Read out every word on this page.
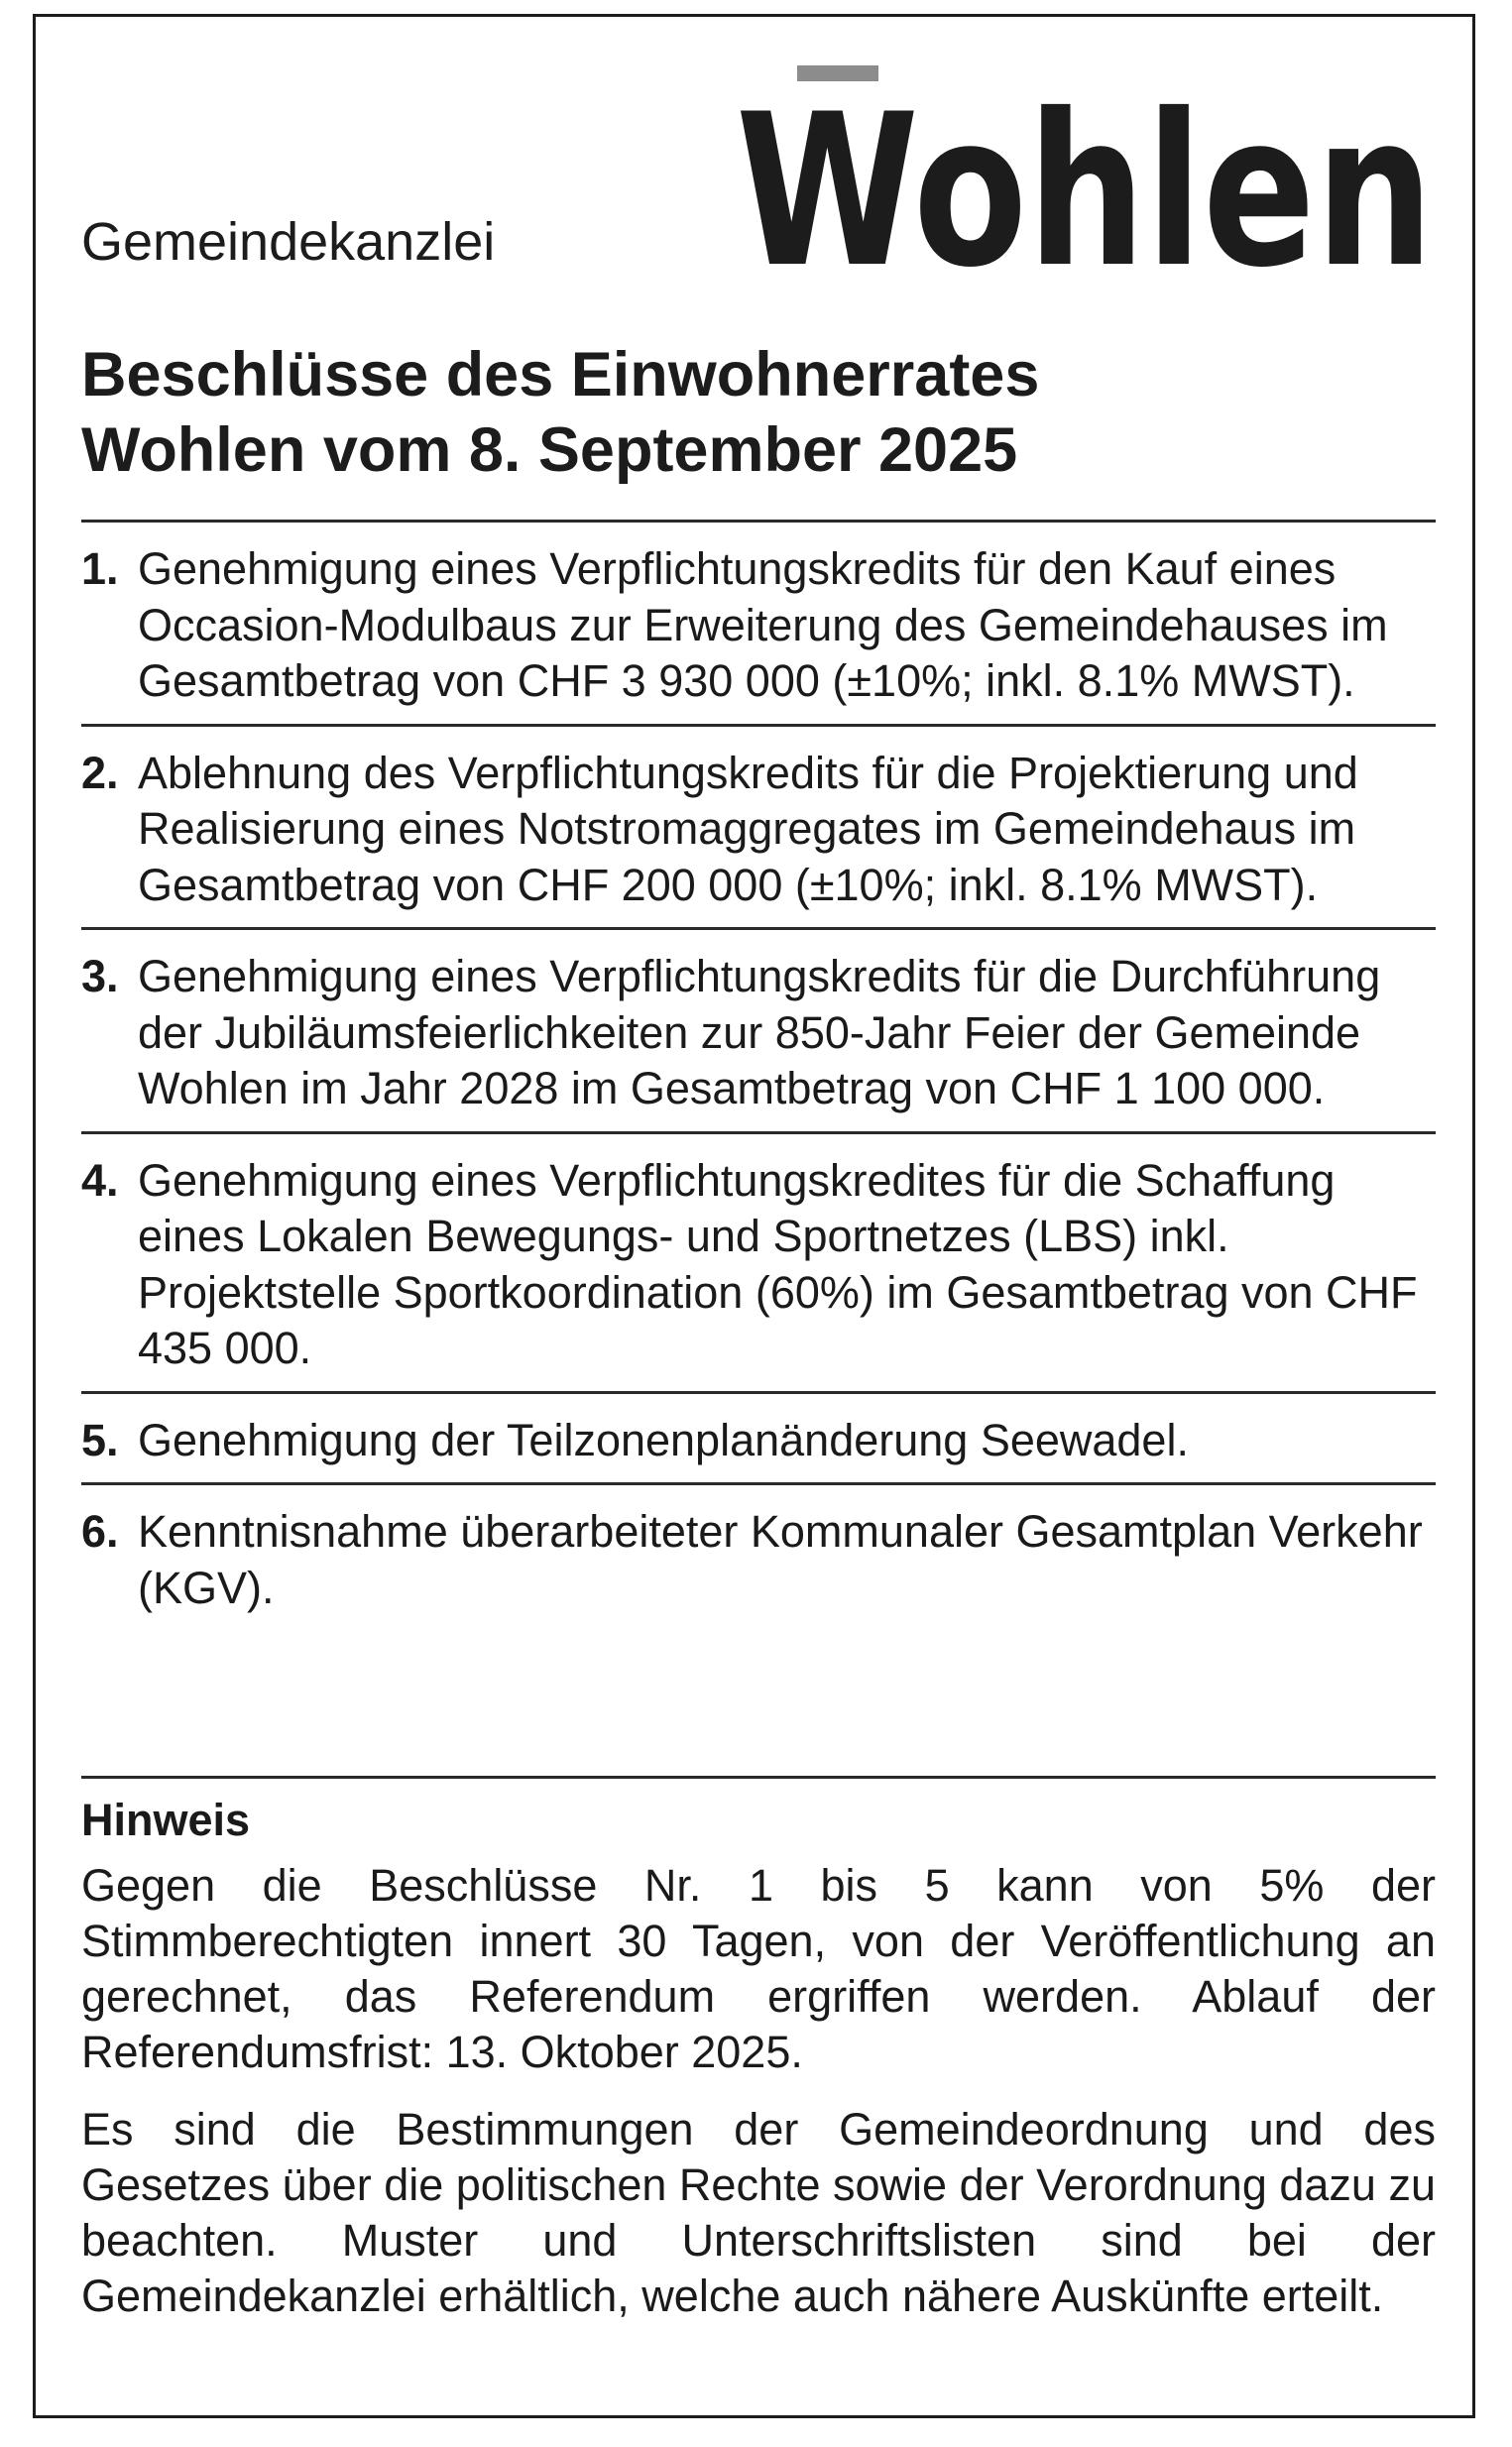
Gemeindekanzlei Wohlen
Beschlüsse des Einwohnerrates
Wohlen vom 8. September 2025
1. Genehmigung eines Verpflichtungskredits für den Kauf eines Occasion-Modulbaus zur Erweiterung des Gemeindehauses im Gesamtbetrag von CHF 3 930 000 (±10%; inkl. 8.1% MWST).
2. Ablehnung des Verpflichtungskredits für die Projektierung und Realisierung eines Notstromaggregates im Gemeindehaus im Gesamtbetrag von CHF 200 000 (±10%; inkl. 8.1% MWST).
3. Genehmigung eines Verpflichtungskredits für die Durchführung der Jubiläumsfeierlichkeiten zur 850-Jahr Feier der Gemeinde Wohlen im Jahr 2028 im Gesamtbetrag von CHF 1 100 000.
4. Genehmigung eines Verpflichtungskredites für die Schaffung eines Lokalen Bewegungs- und Sportnetzes (LBS) inkl. Projektstelle Sportkoordination (60%) im Gesamtbetrag von CHF 435 000.
5. Genehmigung der Teilzonenplanänderung Seewadel.
6. Kenntnisnahme überarbeiteter Kommunaler Gesamtplan Verkehr (KGV).
Hinweis

Gegen die Beschlüsse Nr. 1 bis 5 kann von 5% der Stimmberechtigten innert 30 Tagen, von der Veröffentlichung an gerechnet, das Referendum ergriffen werden. Ablauf der Referendumsfrist: 13. Oktober 2025.

Es sind die Bestimmungen der Gemeindeordnung und des Gesetzes über die politischen Rechte sowie der Verordnung dazu zu beachten. Muster und Unterschriftslisten sind bei der Gemeindekanzlei erhältlich, welche auch nähere Auskünfte erteilt.
